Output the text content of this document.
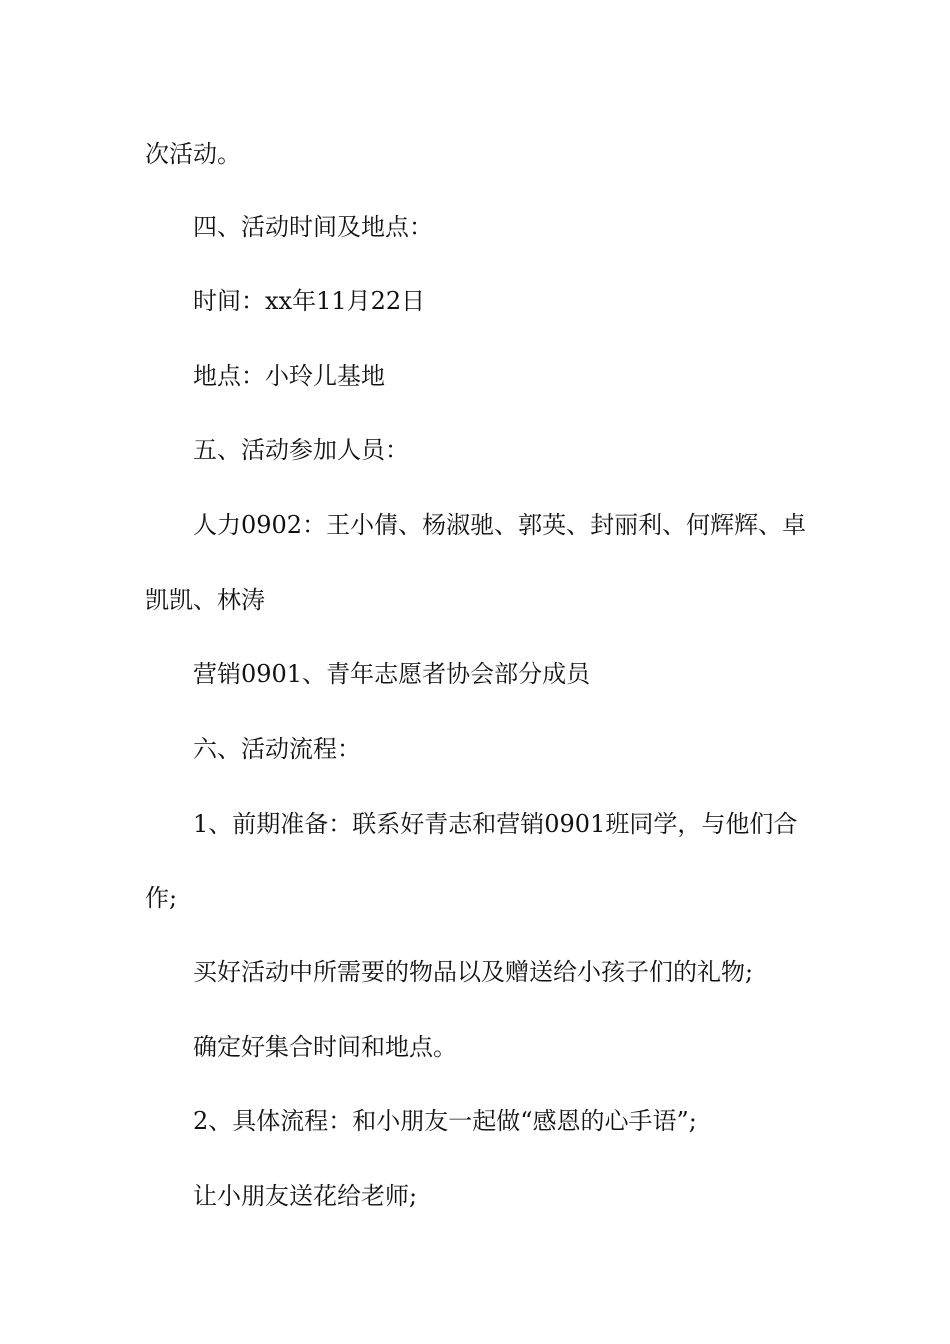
次活动。

四、活动时间及地点：

时间：xx年11月22日

地点：小玲儿基地

五、活动参加人员：

人力0902：王小倩、杨淑驰、郭英、封丽利、何辉辉、卓

凯凯、林涛

营销0901、青年志愿者协会部分成员

六、活动流程：

1、前期准备：联系好青志和营销0901班同学，与他们合

作;

买好活动中所需要的物品以及赠送给小孩子们的礼物;

确定好集合时间和地点。

2、具体流程：和小朋友一起做“感恩的心手语”;

让小朋友送花给老师;
